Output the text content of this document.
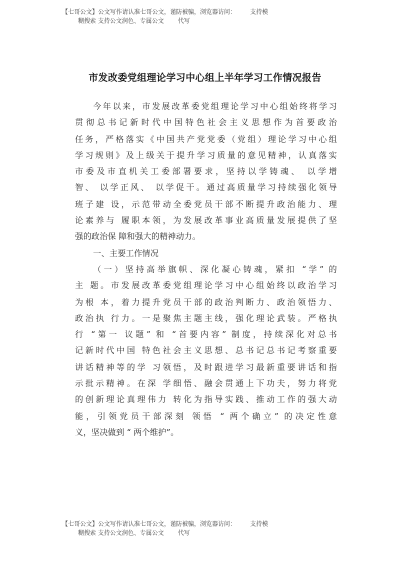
【七哥公文】公文写作请认准七哥公文，谨防被骗，浏览器访问： 支持模
糊搜索 支持公文润色、专属公文 代写
市发改委党组理论学习中心组上半年学习工作情况报告
今年以来，市发展改革委党组理论学习中心组始终将学习
贯彻总书记新时代中国特色社会主义思想作为首要政治
任务，严格落实《中国共产党党委（党组）理论学习中心组
学习规则》及上级关于提升学习质量的意见精神，认真落实
市委及市直机关工委部署要求，坚持以学铸魂、 以学增
智、 以学正风、 以学促干。通过高质量学习持续强化领导
班子建 设，示范带动全委党员干部不断提升政治能力、理
论素养与 履职本领，为发展改革事业高质量发展提供了坚
强的政治保 障和强大的精神动力。
一、主要工作情况
（一）坚持高举旗帜、深化凝心铸魂，紧扣 “学” 的
主 题。市发展改革委党组理论学习中心组始终以政治学习
为根 本，着力提升党员干部的政治判断力、政治领悟力、
政治执 行力。一是聚焦主题主线，强化理论武装。严格执
行 “第一 议题” 和 “首要内容” 制度，持续深化对总书
记新时代中国 特色社会主义思想、总书记总书记考察重要
讲话精神等的学 习领悟，及时跟进学习最新重要讲话和指
示批示精神。在深 学细悟、融会贯通上下功夫，努力将党
的创新理论真理伟力 转化为指导实践、推动工作的强大动
能，引领党员干部深刻 领悟 “ 两个确立” 的决定性意
义，坚决做到 “ 两个维护”。
【七哥公文】公文写作请认准七哥公文，谨防被骗，浏览器访问： 支持模
糊搜索 支持公文润色、专属公文 代写
